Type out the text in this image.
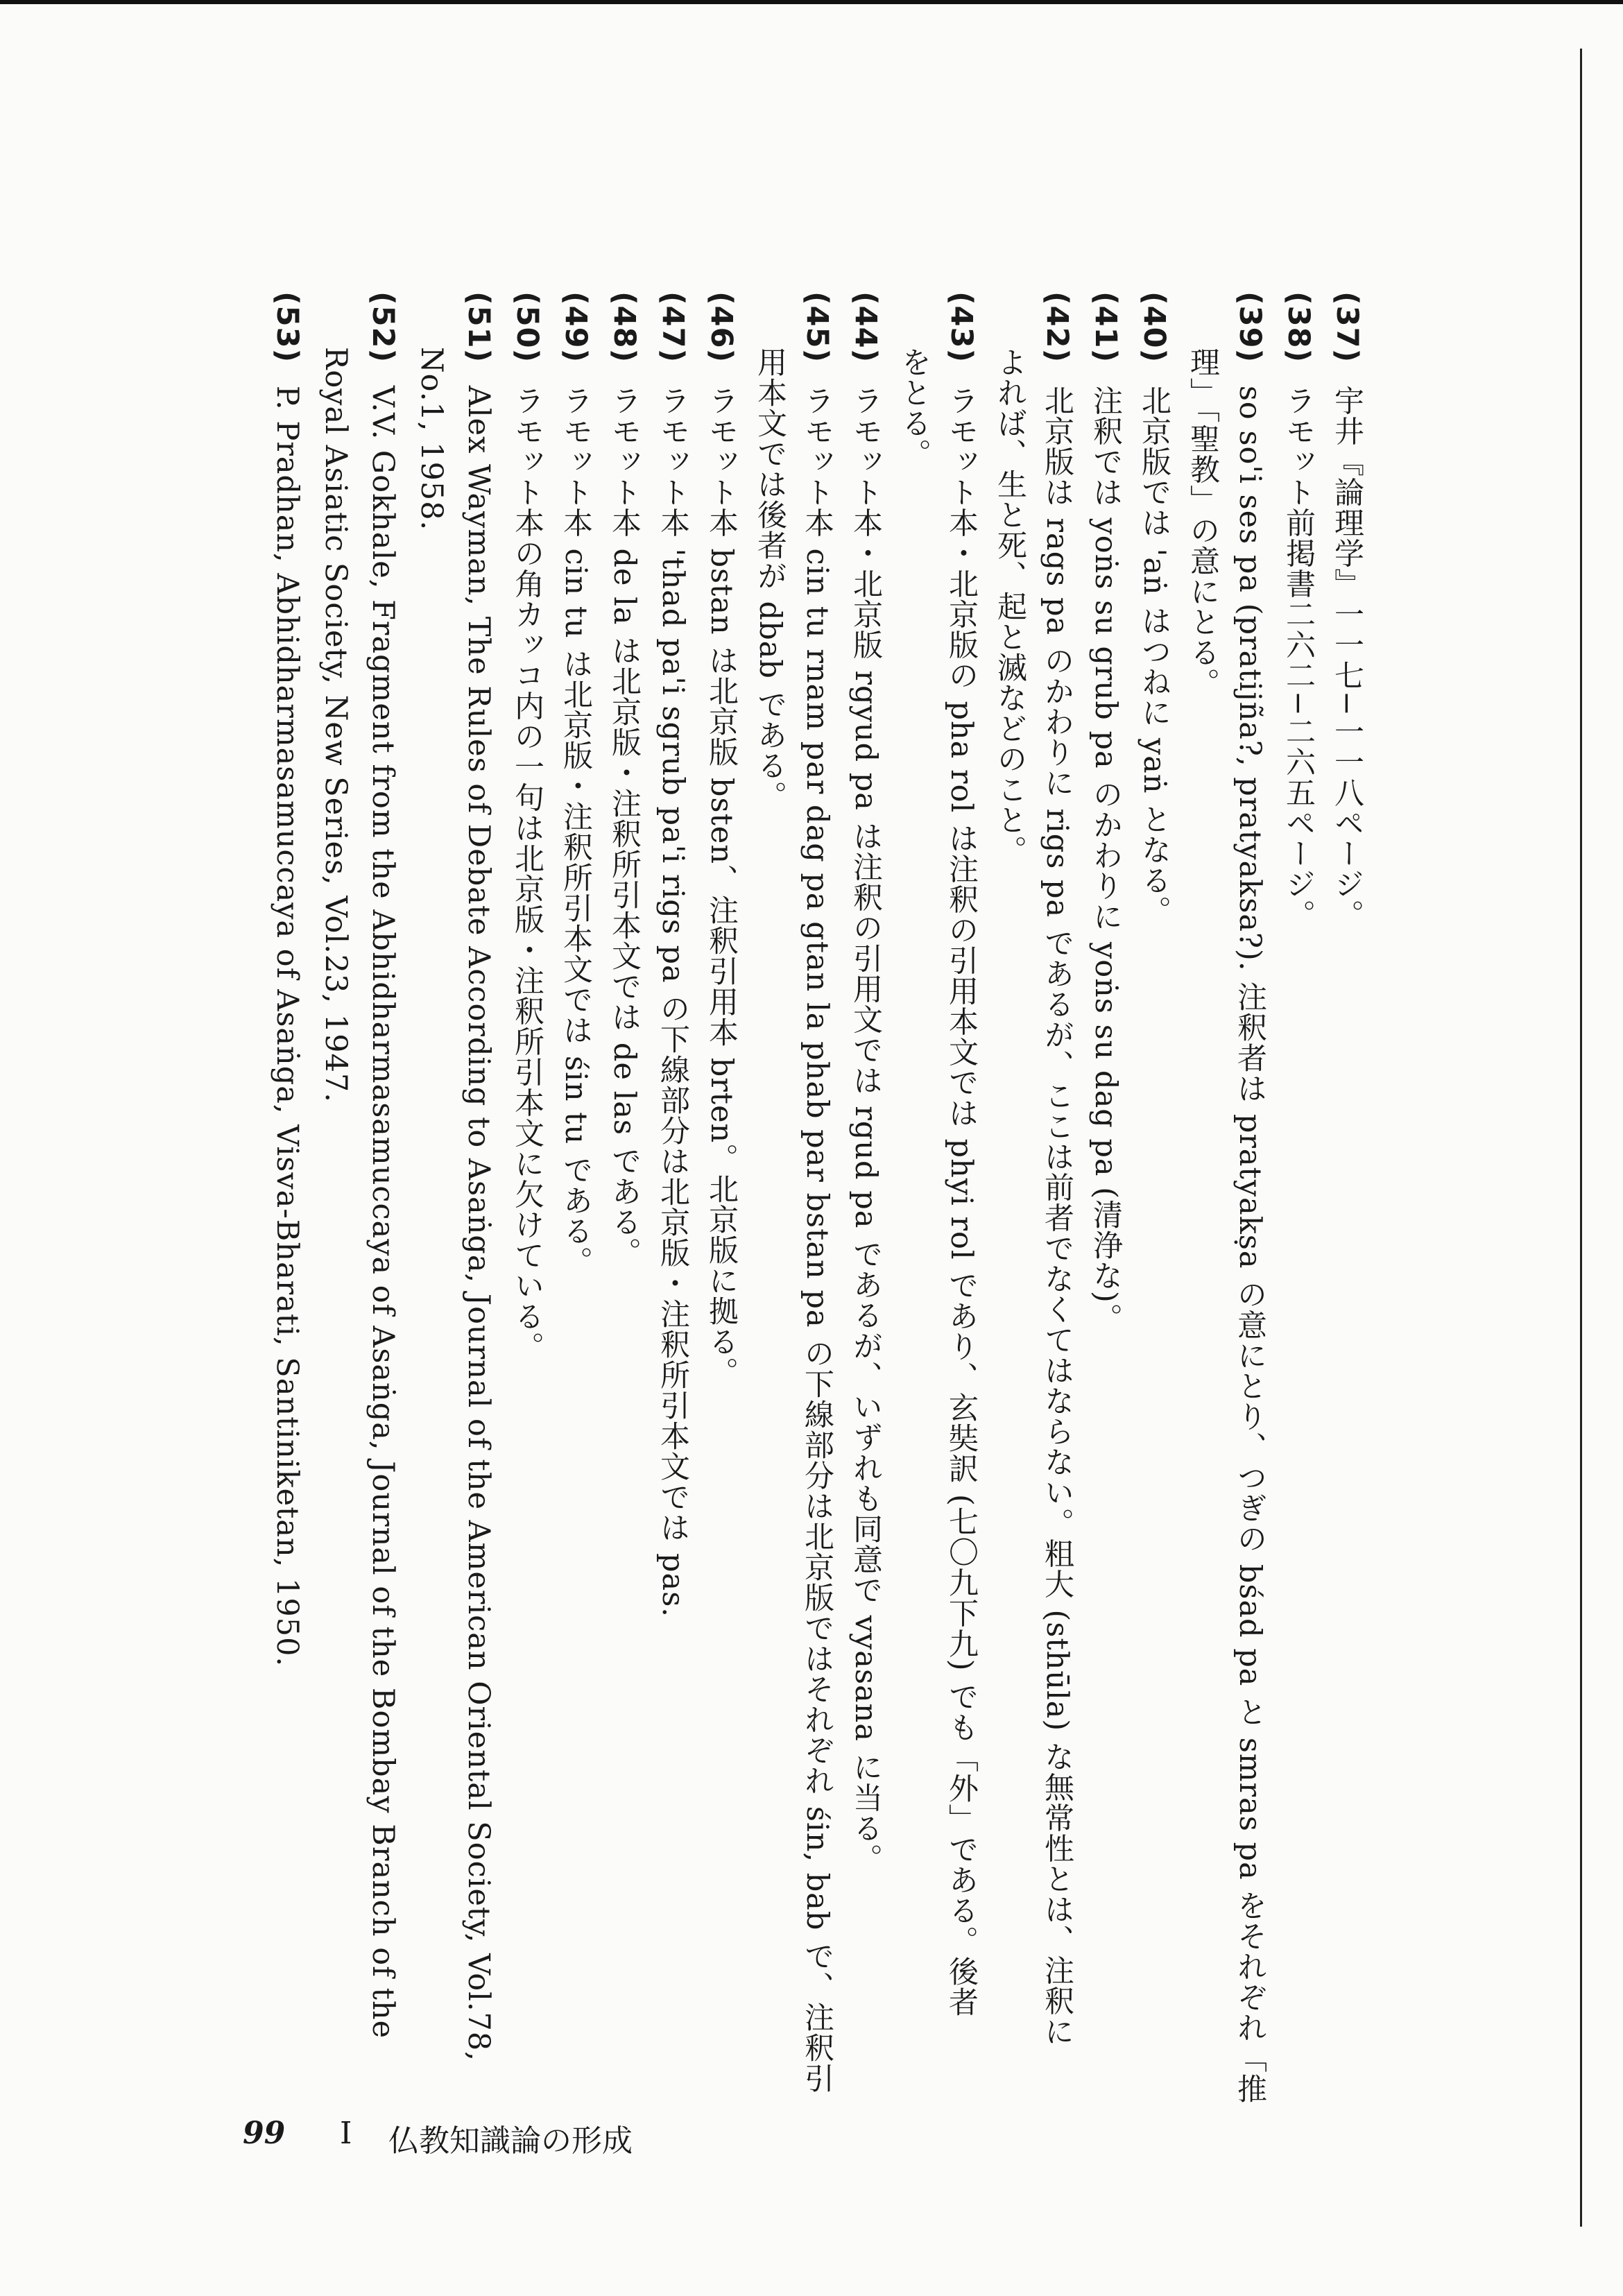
(37) 宇井『論理学』一一七−一一八ページ。
(38) ラモット前掲書二六二−二六五ページ。
(39) so so'i ses pa (pratijña?, pratyaksa?). 注釈者は pratyakṣa の意にとり、つぎの bśad pa と smras pa をそれぞれ「推
理」「聖教」の意にとる。
(40) 北京版では 'aṅ はつねに yaṅ となる。
(41) 注釈では yoṅs su grub pa のかわりに yoṅs su dag pa (清浄な)。
(42) 北京版は rags pa のかわりに rigs pa であるが、ここは前者でなくてはならない。粗大 (sthūla) な無常性とは、注釈に
よれば、生と死、起と滅などのこと。
(43) ラモット本・北京版の pha rol は注釈の引用本文では phyi rol であり、玄奘訳 (七〇九下九) でも「外」である。後者
をとる。
(44) ラモット本・北京版 rgyud pa は注釈の引用文では rgud pa であるが、いずれも同意で vyasana に当る。
(45) ラモット本 cin tu rnam par dag pa gtan la phab par bstan pa の下線部分は北京版ではそれぞれ śin, bab で、注釈引
用本文では後者が dbab である。
(46) ラモット本 bstan は北京版 bsten、注釈引用本 brten。北京版に拠る。
(47) ラモット本 'thad pa'i sgrub pa'i rigs pa の下線部分は北京版・注釈所引本文では pas.
(48) ラモット本 de la は北京版・注釈所引本文では de las である。
(49) ラモット本 cin tu は北京版・注釈所引本文では śin tu である。
(50) ラモット本の角カッコ内の一句は北京版・注釈所引本文に欠けている。
(51) Alex Wayman, The Rules of Debate According to Asaṅga, Journal of the American Oriental Society, Vol.78,
No.1, 1958.
(52) V.V. Gokhale, Fragment from the Abhidharmasamuccaya of Asaṅga, Journal of the Bombay Branch of the
Royal Asiatic Society, New Series, Vol.23, 1947.
(53) P. Pradhan, Abhidharmasamuccaya of Asaṅga, Visva-Bharati, Santiniketan, 1950.
99 I 仏教知識論の形成
